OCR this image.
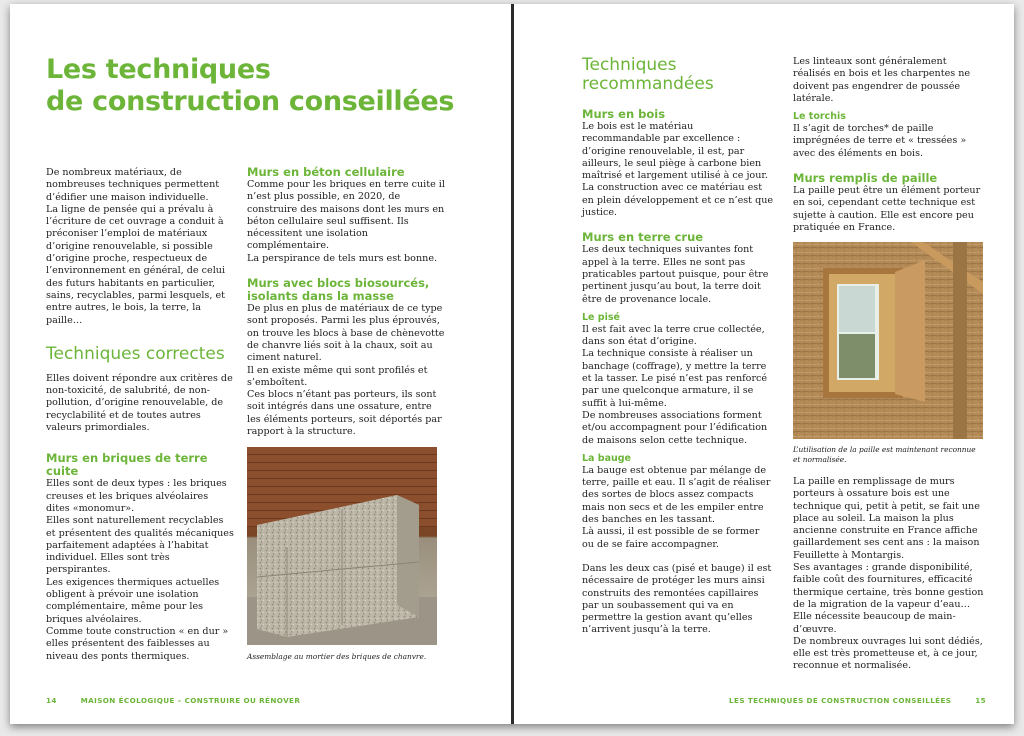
Les techniques
de construction conseillées

De nombreux matériaux, de nombreuses techniques permettent d’édifier une maison individuelle.

La ligne de pensée qui a prévalu à l’écriture de cet ouvrage a conduit à préconiser l’emploi de matériaux d’origine renouvelable, si possible d’origine proche, respectueux de l’environnement en général, de celui des futurs habitants en particulier, sains, recyclables, parmi lesquels, et entre autres, le bois, la terre, la paille…

Techniques correctes

Elles doivent répondre aux critères de non-toxicité, de salubrité, de non-pollution, d’origine renouvelable, de recyclabilité et de toutes autres valeurs primordiales.

Murs en briques de terre cuite

Elles sont de deux types : les briques creuses et les briques alvéolaires dites «monomur».

Elles sont naturellement recyclables et présentent des qualités mécaniques parfaitement adaptées à l’habitat individuel. Elles sont très perspirantes.

Les exigences thermiques actuelles obligent à prévoir une isolation complémentaire, même pour les briques alvéolaires.

Comme toute construction « en dur » elles présentent des faiblesses au niveau des ponts thermiques.

Murs en béton cellulaire

Comme pour les briques en terre cuite il n’est plus possible, en 2020, de construire des maisons dont les murs en béton cellulaire seul suffisent. Ils nécessitent une isolation complémentaire.

La perspirance de tels murs est bonne.

Murs avec blocs biosourcés,
isolants dans la masse

De plus en plus de matériaux de ce type sont proposés. Parmi les plus éprouvés, on trouve les blocs à base de chènevotte de chanvre liés soit à la chaux, soit au ciment naturel.

Il en existe même qui sont profilés et s’emboîtent.

Ces blocs n’étant pas porteurs, ils sont soit intégrés dans une ossature, entre les éléments porteurs, soit déportés par rapport à la structure.

Assemblage au mortier des briques de chanvre.
14	MAISON ÉCOLOGIQUE – CONSTRUIRE OU RÉNOVER
Techniques
recommandées
Murs en bois

Le bois est le matériau recommandable par excellence : d’origine renouvelable, il est, par ailleurs, le seul piège à carbone bien maîtrisé et largement utilisé à ce jour.

La construction avec ce matériau est en plein développement et ce n’est que justice.

Murs en terre crue

Les deux techniques suivantes font appel à la terre. Elles ne sont pas praticables partout puisque, pour être pertinent jusqu’au bout, la terre doit être de provenance locale.

Le pisé

Il est fait avec la terre crue collectée, dans son état d’origine.

La technique consiste à réaliser un banchage (coffrage), y mettre la terre et la tasser. Le pisé n’est pas renforcé par une quelconque armature, il se suffit à lui-même.

De nombreuses associations forment et/ou accompagnent pour l’édification de maisons selon cette technique.

La bauge

La bauge est obtenue par mélange de terre, paille et eau. Il s’agit de réaliser des sortes de blocs assez compacts mais non secs et de les empiler entre des banches en les tassant.

Là aussi, il est possible de se former ou de se faire accompagner.

Dans les deux cas (pisé et bauge) il est nécessaire de protéger les murs ainsi construits des remontées capillaires par un soubassement qui va en permettre la gestion avant qu’elles n’arrivent jusqu’à la terre.

Les linteaux sont généralement réalisés en bois et les charpentes ne doivent pas engendrer de poussée latérale.

Le torchis

Il s’agit de torches* de paille imprégnées de terre et « tressées » avec des éléments en bois.

Murs remplis de paille

La paille peut être un élément porteur en soi, cependant cette technique est sujette à caution. Elle est encore peu pratiquée en France.

L’utilisation de la paille est maintenant reconnue et normalisée.

La paille en remplissage de murs porteurs à ossature bois est une technique qui, petit à petit, se fait une place au soleil. La maison la plus ancienne construite en France affiche gaillardement ses cent ans : la maison Feuillette à Montargis.

Ses avantages : grande disponibilité, faible coût des fournitures, efficacité thermique certaine, très bonne gestion de la migration de la vapeur d’eau…

Elle nécessite beaucoup de main-d’œuvre.

De nombreux ouvrages lui sont dédiés, elle est très prometteuse et, à ce jour, reconnue et normalisée.

LES TECHNIQUES DE CONSTRUCTION CONSEILLÉES	15
